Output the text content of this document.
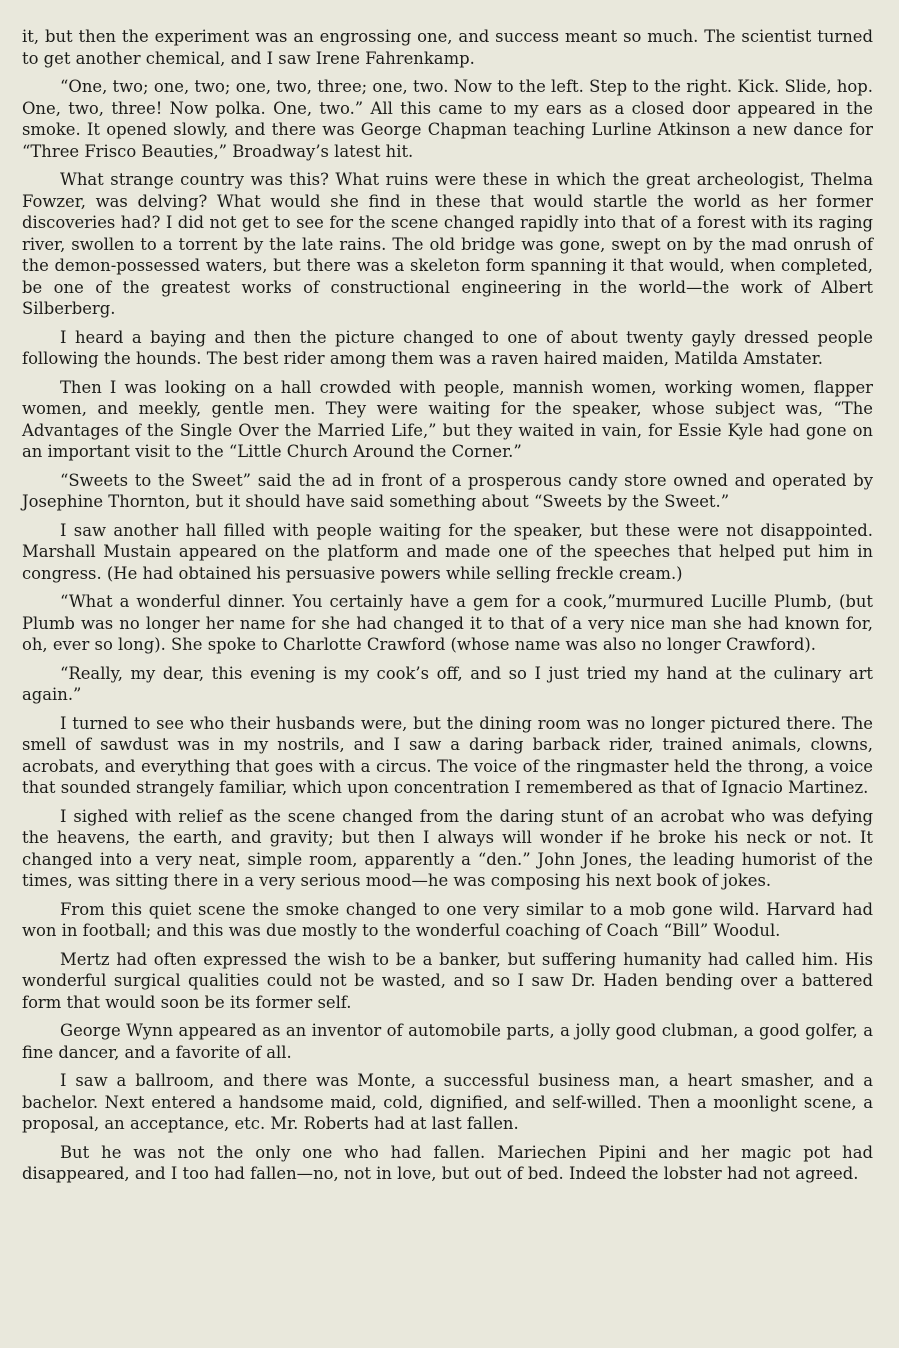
it, but then the experiment was an engrossing one, and success meant so much. The scientist turned to get another chemical, and I saw Irene Fahrenkamp.

“One, two; one, two; one, two, three; one, two. Now to the left. Step to the right. Kick. Slide, hop. One, two, three! Now polka. One, two.” All this came to my ears as a closed door appeared in the smoke. It opened slowly, and there was George Chapman teaching Lurline Atkinson a new dance for “Three Frisco Beauties,” Broadway’s latest hit.

What strange country was this? What ruins were these in which the great archeologist, Thelma Fowzer, was delving? What would she find in these that would startle the world as her former discoveries had? I did not get to see for the scene changed rapidly into that of a forest with its raging river, swollen to a torrent by the late rains. The old bridge was gone, swept on by the mad onrush of the demon-possessed waters, but there was a skeleton form spanning it that would, when completed, be one of the greatest works of constructional engineering in the world—the work of Albert Silberberg.

I heard a baying and then the picture changed to one of about twenty gayly dressed people following the hounds. The best rider among them was a raven haired maiden, Matilda Amstater.

Then I was looking on a hall crowded with people, mannish women, working women, flapper women, and meekly, gentle men. They were waiting for the speaker, whose subject was, “The Advantages of the Single Over the Married Life,” but they waited in vain, for Essie Kyle had gone on an important visit to the “Little Church Around the Corner.”

“Sweets to the Sweet” said the ad in front of a prosperous candy store owned and operated by Josephine Thornton, but it should have said something about “Sweets by the Sweet.”

I saw another hall filled with people waiting for the speaker, but these were not disappointed. Marshall Mustain appeared on the platform and made one of the speeches that helped put him in congress. (He had obtained his persuasive powers while selling freckle cream.)

“What a wonderful dinner. You certainly have a gem for a cook,”murmured Lucille Plumb, (but Plumb was no longer her name for she had changed it to that of a very nice man she had known for, oh, ever so long). She spoke to Charlotte Crawford (whose name was also no longer Crawford).

“Really, my dear, this evening is my cook’s off, and so I just tried my hand at the culinary art again.”

I turned to see who their husbands were, but the dining room was no longer pictured there. The smell of sawdust was in my nostrils, and I saw a daring barback rider, trained animals, clowns, acrobats, and everything that goes with a circus. The voice of the ringmaster held the throng, a voice that sounded strangely familiar, which upon concentration I remembered as that of Ignacio Martinez.

I sighed with relief as the scene changed from the daring stunt of an acrobat who was defying the heavens, the earth, and gravity; but then I always will wonder if he broke his neck or not. It changed into a very neat, simple room, apparently a “den.” John Jones, the leading humorist of the times, was sitting there in a very serious mood—he was composing his next book of jokes.

From this quiet scene the smoke changed to one very similar to a mob gone wild. Harvard had won in football; and this was due mostly to the wonderful coaching of Coach “Bill” Woodul.

Mertz had often expressed the wish to be a banker, but suffering humanity had called him. His wonderful surgical qualities could not be wasted, and so I saw Dr. Haden bending over a battered form that would soon be its former self.

George Wynn appeared as an inventor of automobile parts, a jolly good clubman, a good golfer, a fine dancer, and a favorite of all.

I saw a ballroom, and there was Monte, a successful business man, a heart smasher, and a bachelor. Next entered a handsome maid, cold, dignified, and self-willed. Then a moonlight scene, a proposal, an acceptance, etc. Mr. Roberts had at last fallen.

But he was not the only one who had fallen. Mariechen Pipini and her magic pot had disappeared, and I too had fallen—no, not in love, but out of bed. Indeed the lobster had not agreed.
